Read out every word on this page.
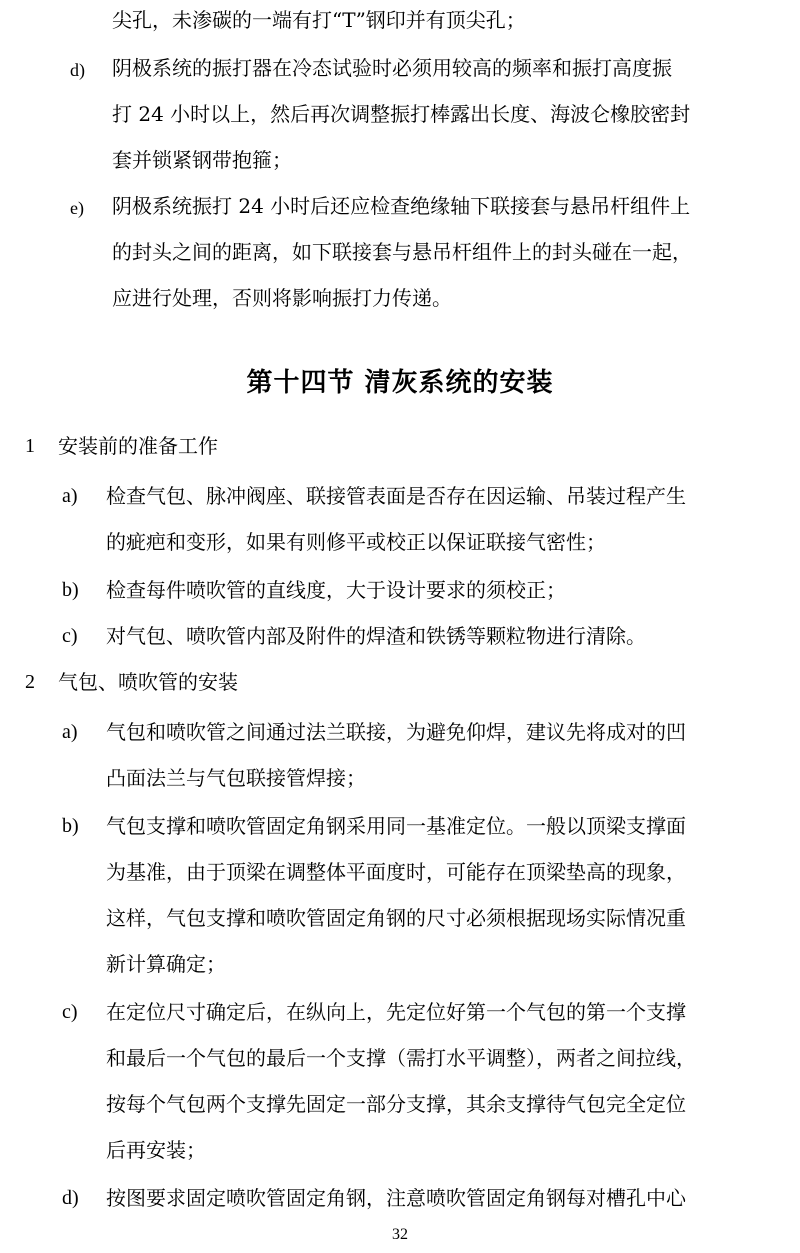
尖孔，未渗碳的一端有打“T”钢印并有顶尖孔；
d) 阴极系统的振打器在冷态试验时必须用较高的频率和振打高度振
打 24 小时以上，然后再次调整振打棒露出长度、海波仑橡胶密封
套并锁紧钢带抱箍；
e) 阴极系统振打 24 小时后还应检查绝缘轴下联接套与悬吊杆组件上
的封头之间的距离，如下联接套与悬吊杆组件上的封头碰在一起，
应进行处理，否则将影响振打力传递。
第十四节 清灰系统的安装
1 安装前的准备工作
a) 检查气包、脉冲阀座、联接管表面是否存在因运输、吊装过程产生
的疵疤和变形，如果有则修平或校正以保证联接气密性；
b) 检查每件喷吹管的直线度，大于设计要求的须校正；
c) 对气包、喷吹管内部及附件的焊渣和铁锈等颗粒物进行清除。
2 气包、喷吹管的安装
a) 气包和喷吹管之间通过法兰联接，为避免仰焊，建议先将成对的凹
凸面法兰与气包联接管焊接；
b) 气包支撑和喷吹管固定角钢采用同一基准定位。一般以顶梁支撑面
为基准，由于顶梁在调整体平面度时，可能存在顶梁垫高的现象，
这样，气包支撑和喷吹管固定角钢的尺寸必须根据现场实际情况重
新计算确定；
c) 在定位尺寸确定后，在纵向上，先定位好第一个气包的第一个支撑
和最后一个气包的最后一个支撑（需打水平调整），两者之间拉线，
按每个气包两个支撑先固定一部分支撑，其余支撑待气包完全定位
后再安装；
d) 按图要求固定喷吹管固定角钢，注意喷吹管固定角钢每对槽孔中心
32
